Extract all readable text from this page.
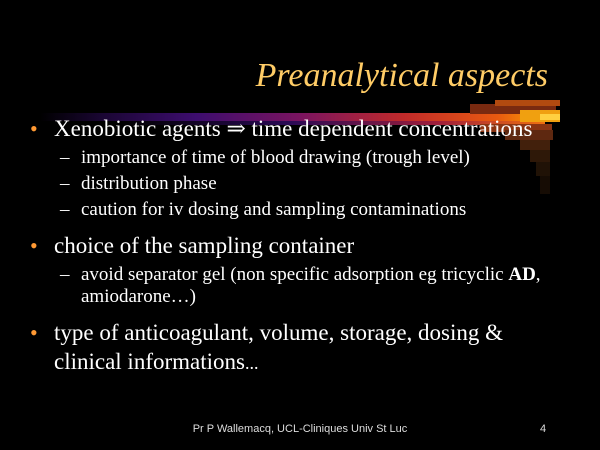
Preanalytical aspects
• Xenobiotic agents ⇒ time dependent concentrations
– importance of time of blood drawing (trough level)
– distribution phase
– caution for iv dosing and sampling contaminations
• choice of the sampling container
– avoid separator gel (non specific adsorption eg tricyclic AD, amiodarone…)
• type of anticoagulant, volume, storage, dosing & clinical informations...
Pr P Wallemacq, UCL-Cliniques Univ St Luc	4
